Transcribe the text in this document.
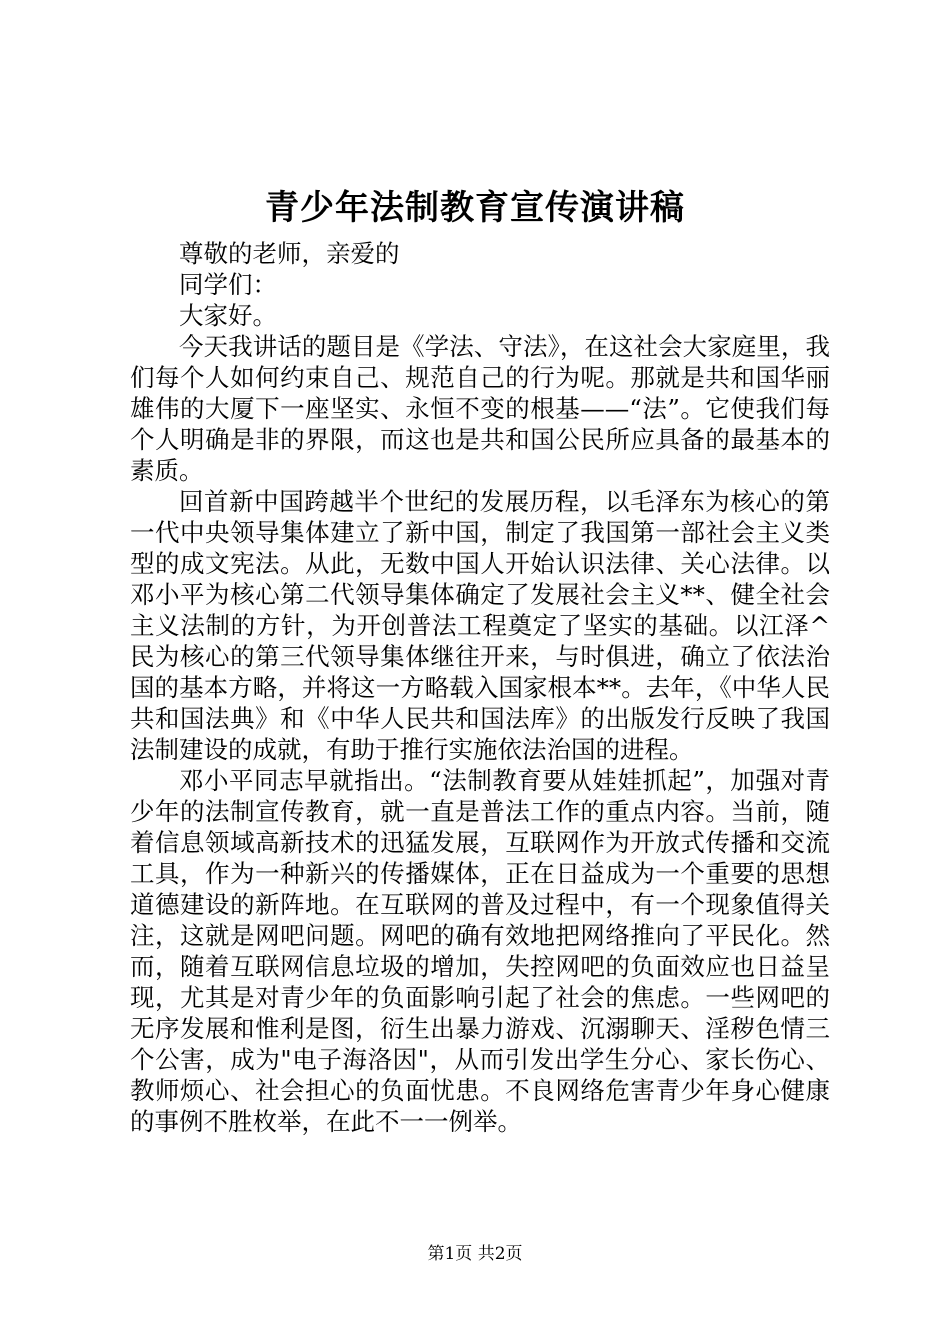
青少年法制教育宣传演讲稿

尊敬的老师，亲爱的

同学们：

大家好。

今天我讲话的题目是《学法、守法》，在这社会大家庭里，我们每个人如何约束自己、规范自己的行为呢。那就是共和国华丽雄伟的大厦下一座坚实、永恒不变的根基——“法”。它使我们每个人明确是非的界限，而这也是共和国公民所应具备的最基本的素质。

回首新中国跨越半个世纪的发展历程，以毛泽东为核心的第一代中央领导集体建立了新中国，制定了我国第一部社会主义类型的成文宪法。从此，无数中国人开始认识法律、关心法律。以邓小平为核心第二代领导集体确定了发展社会主义**、健全社会主义法制的方针，为开创普法工程奠定了坚实的基础。以江泽^民为核心的第三代领导集体继往开来，与时俱进，确立了依法治国的基本方略，并将这一方略载入国家根本**。去年，《中华人民共和国法典》和《中华人民共和国法库》的出版发行反映了我国法制建设的成就，有助于推行实施依法治国的进程。

邓小平同志早就指出。“法制教育要从娃娃抓起”，加强对青少年的法制宣传教育，就一直是普法工作的重点内容。当前，随着信息领域高新技术的迅猛发展，互联网作为开放式传播和交流工具，作为一种新兴的传播媒体，正在日益成为一个重要的思想道德建设的新阵地。在互联网的普及过程中，有一个现象值得关注，这就是网吧问题。网吧的确有效地把网络推向了平民化。然而，随着互联网信息垃圾的增加，失控网吧的负面效应也日益呈现，尤其是对青少年的负面影响引起了社会的焦虑。一些网吧的无序发展和惟利是图，衍生出暴力游戏、沉溺聊天、淫秽色情三个公害，成为"电子海洛因"，从而引发出学生分心、家长伤心、教师烦心、社会担心的负面忧患。不良网络危害青少年身心健康的事例不胜枚举，在此不一一例举。

第1页 共2页
